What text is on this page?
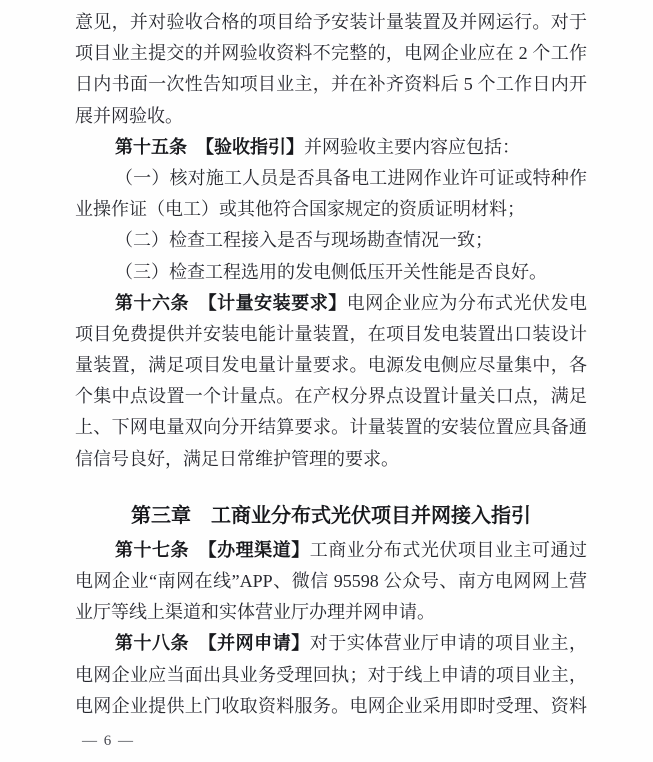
意见，并对验收合格的项目给予安装计量装置及并网运行。对于
项目业主提交的并网验收资料不完整的，电网企业应在 2 个工作
日内书面一次性告知项目业主，并在补齐资料后 5 个工作日内开
展并网验收。
第十五条　【验收指引】并网验收主要内容应包括：
（一）核对施工人员是否具备电工进网作业许可证或特种作
业操作证（电工）或其他符合国家规定的资质证明材料；
（二）检查工程接入是否与现场勘查情况一致；
（三）检查工程选用的发电侧低压开关性能是否良好。
第十六条　【计量安装要求】电网企业应为分布式光伏发电
项目免费提供并安装电能计量装置，在项目发电装置出口装设计
量装置，满足项目发电量计量要求。电源发电侧应尽量集中，各
个集中点设置一个计量点。在产权分界点设置计量关口点，满足
上、下网电量双向分开结算要求。计量装置的安装位置应具备通
信信号良好，满足日常维护管理的要求。
第三章　工商业分布式光伏项目并网接入指引
第十七条　【办理渠道】工商业分布式光伏项目业主可通过
电网企业“南网在线”APP、微信 95598 公众号、南方电网网上营
业厅等线上渠道和实体营业厅办理并网申请。
第十八条　【并网申请】对于实体营业厅申请的项目业主，
电网企业应当面出具业务受理回执；对于线上申请的项目业主，
电网企业提供上门收取资料服务。电网企业采用即时受理、资料
— 6 —
